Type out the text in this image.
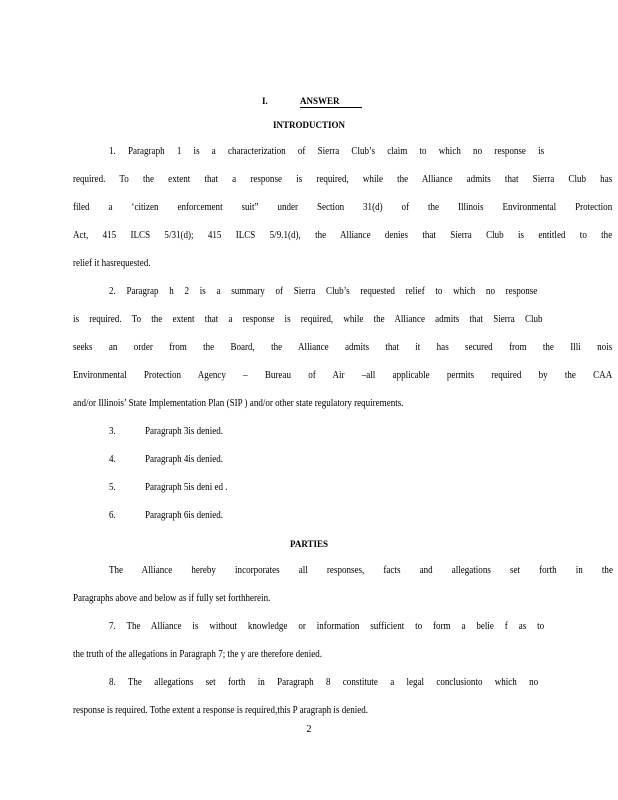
I.	ANSWER
INTRODUCTION
1. Paragraph 1 is a characterization of Sierra Club’s claim to which no response is
required. To the extent that a response is required, while the Alliance admits that Sierra Club has
filed a ‘citizen enforcement suit” under Section 31(d) of the Illinois Environmental Protection
Act, 415 ILCS 5/31(d); 415 ILCS 5/9.1(d), the Alliance denies that Sierra Club is entitled to the
relief it hasrequested.
2. Paragrap h 2 is a summary of Sierra Club’s requested relief to which no response
is required. To the extent that a response is required, while the Alliance admits that Sierra Club
seeks an order from the Board, the Alliance admits that it has secured from the Illi nois
Environmental Protection Agency – Bureau of Air –all applicable permits required by the CAA
and/or Illinois’ State Implementation Plan (SIP ) and/or other state regulatory requirements.
3.	Paragraph 3is denied.
4.	Paragraph 4is denied.
5.	Paragraph 5is deni ed .
6.	Paragraph 6is denied.
PARTIES
The Alliance hereby incorporates all responses, facts and allegations set forth in the
Paragraphs above and below as if fully set forthherein.
7. The Alliance is without knowledge or information sufficient to form a belie f as to
the truth of the allegations in Paragraph 7; the y are therefore denied.
8. The allegations set forth in Paragraph 8 constitute a legal conclusionto which no
response is required. Tothe extent a response is required,this P aragraph is denied.
2
